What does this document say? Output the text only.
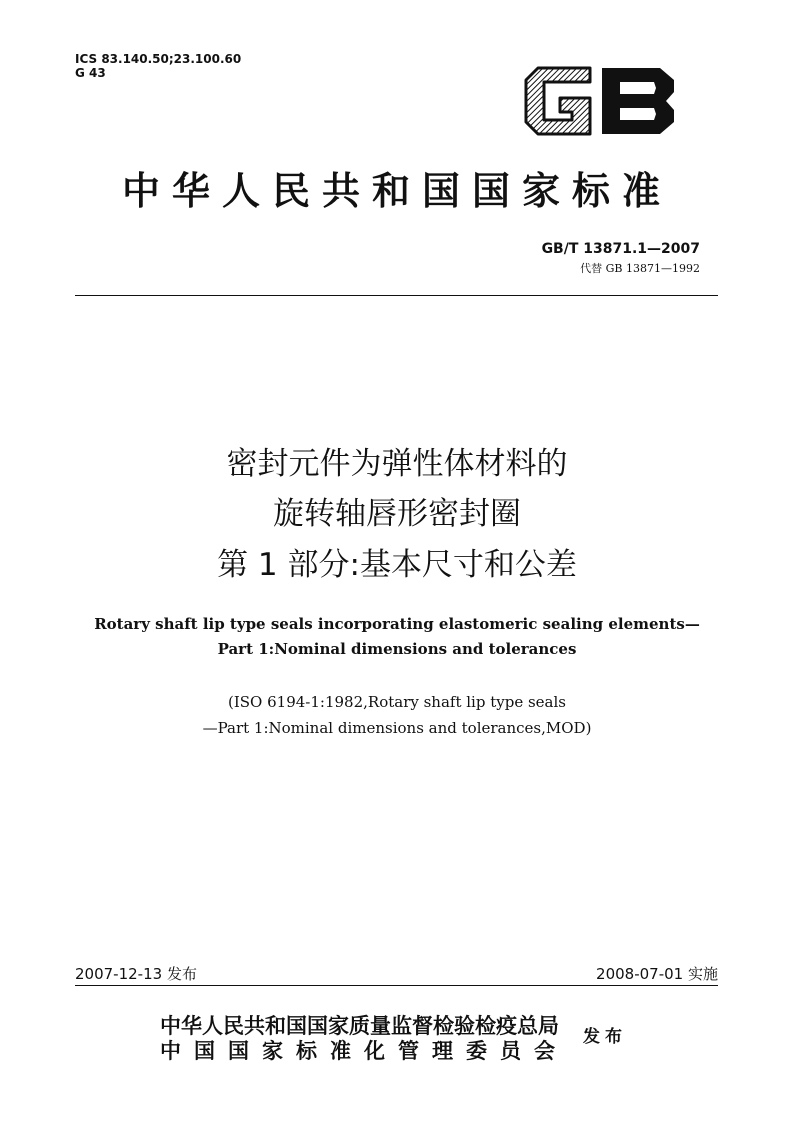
ICS 83.140.50;23.100.60
G 43
中华人民共和国国家标准
GB/T 13871.1—2007
代替 GB 13871—1992
密封元件为弹性体材料的
旋转轴唇形密封圈
第 1 部分:基本尺寸和公差
Rotary shaft lip type seals incorporating elastomeric sealing elements—
Part 1:Nominal dimensions and tolerances
(ISO 6194-1:1982,Rotary shaft lip type seals
—Part 1:Nominal dimensions and tolerances,MOD)
2007-12-13 发布	2008-07-01 实施
中华人民共和国国家质量监督检验检疫总局
中国国家标准化管理委员会
发布
